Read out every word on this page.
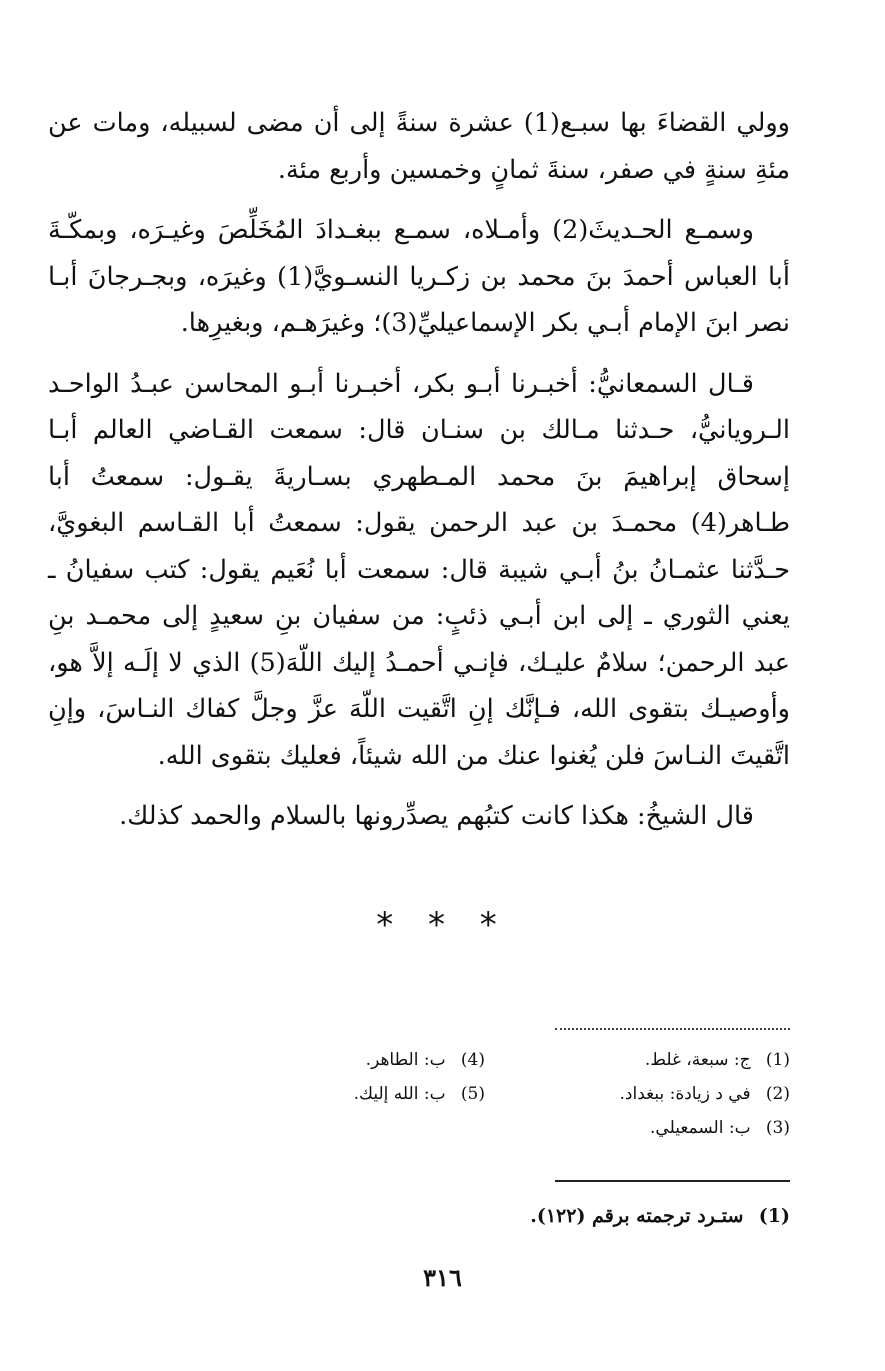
وولي القضاءَ بها سبـع(1) عشرة سنةً إلى أن مضى لسبيله، ومات عن مئةِ سنةٍ في صفر، سنةَ ثمانٍ وخمسين وأربع مئة.

وسمـع الحـديثَ(2) وأمـلاه، سمـع ببغـدادَ المُخَلِّصَ وغيـرَه، وبمكّـةَ أبا العباس أحمدَ بنَ محمد بن زكـريا النسـويَّ(1) وغيرَه، وبجـرجانَ أبـا نصر ابنَ الإمام أبـي بكر الإسماعيليِّ(3)؛ وغيرَهـم، وبغيرِها.

قـال السمعانيُّ: أخبـرنا أبـو بكر، أخبـرنا أبـو المحاسن عبـدُ الواحـد الـرويانيُّ، حـدثنا مـالك بن سنـان قال: سمعت القـاضي العالم أبـا إسحاق إبراهيمَ بنَ محمد المـطهري بسـاريةَ يقـول: سمعتُ أبا طـاهر(4) محمـدَ بن عبد الرحمن يقول: سمعتُ أبا القـاسم البغويَّ، حـدَّثنا عثمـانُ بنُ أبـي شيبة قال: سمعت أبا نُعَيم يقول: كتب سفيانُ ـ يعني الثوري ـ إلى ابن أبـي ذئبٍ: من سفيان بنِ سعيدٍ إلى محمـد بنِ عبد الرحمن؛ سلامٌ عليـك، فإنـي أحمـدُ إليك اللّهَ(5) الذي لا إلَـه إلاَّ هو، وأوصيـك بتقوى الله، فـإنَّك إنِ اتَّقيت اللّهَ عزَّ وجلَّ كفاك النـاسَ، وإنِ اتَّقيتَ النـاسَ فلن يُغنوا عنك من الله شيئاً، فعليك بتقوى الله.

قال الشيخُ: هكذا كانت كتبُهم يصدِّرونها بالسلام والحمد كذلك.

* * *
(1) ج: سبعة، غلط.
(2) في د زيادة: ببغداد.
(3) ب: السمعيلي.
(4) ب: الطاهر.
(5) ب: الله إليك.
(1) ستـرد ترجمته برقم (١٢٢).
٣١٦
